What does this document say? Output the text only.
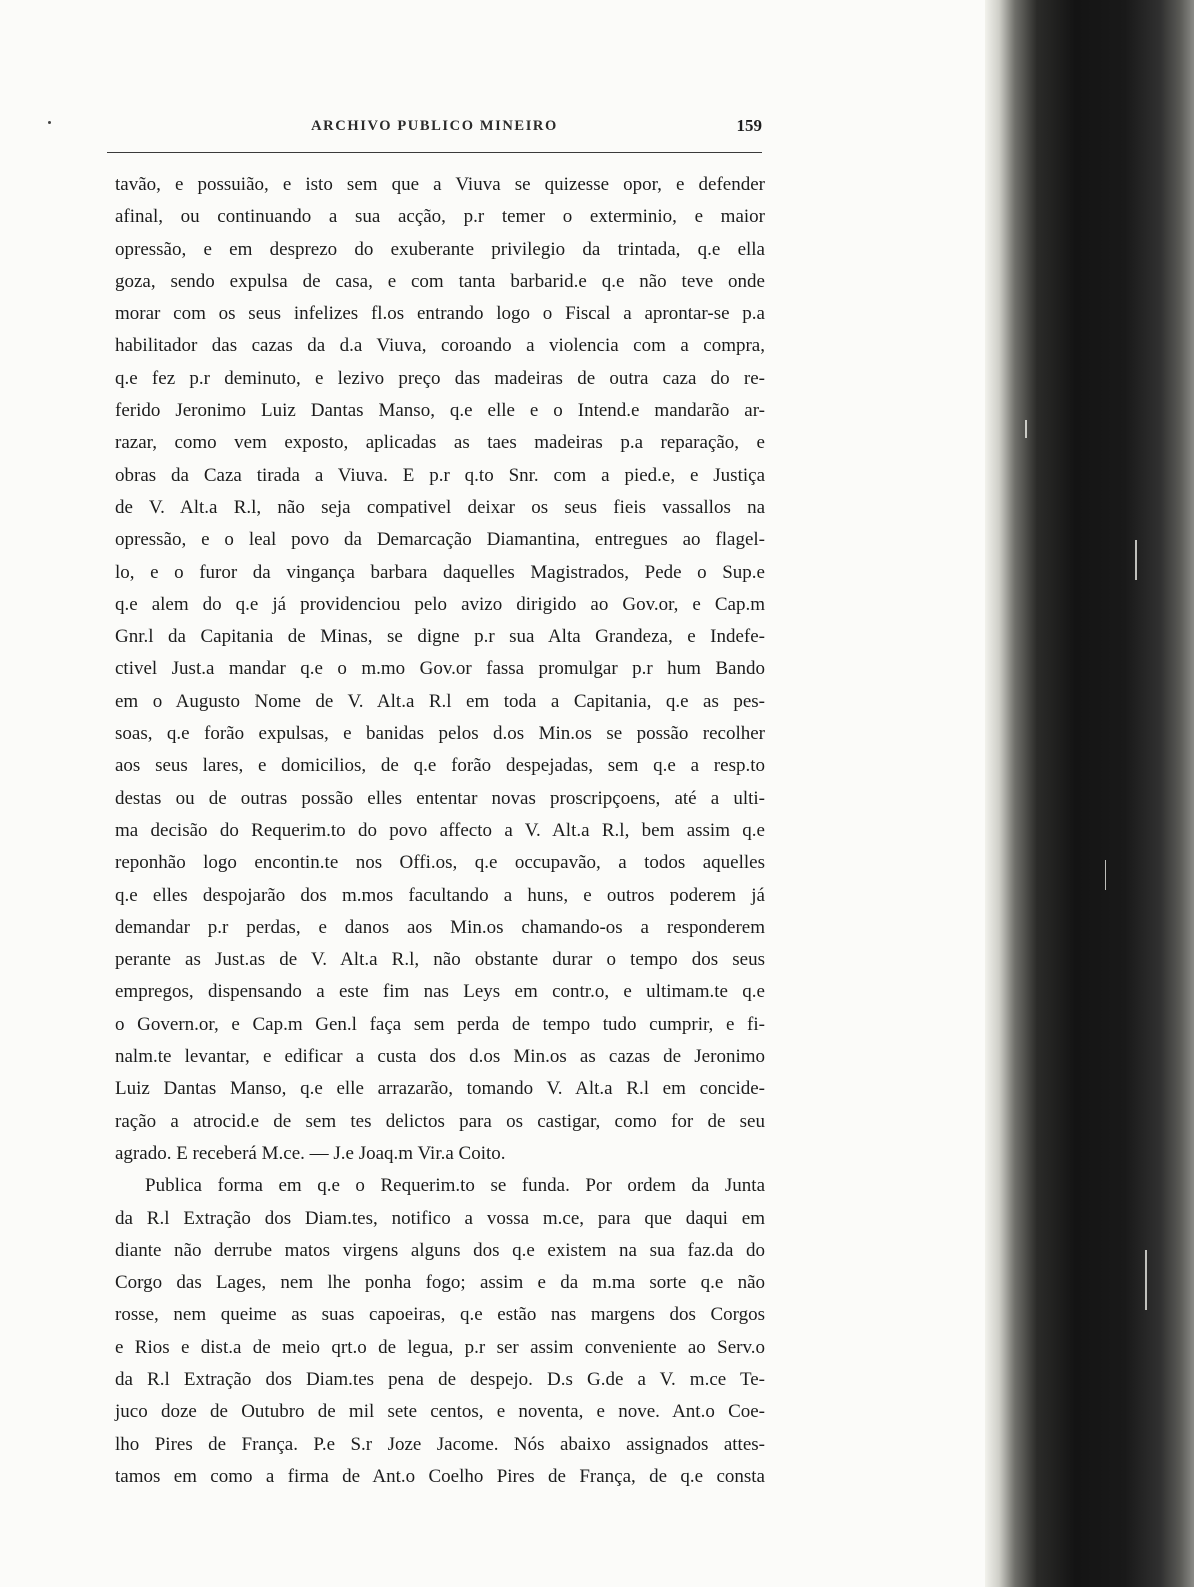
ARCHIVO PUBLICO MINEIRO	159
tavão, e possuião, e isto sem que a Viuva se quizesse opor, e defender
afinal, ou continuando a sua acção, p.r temer o exterminio, e maior
opressão, e em desprezo do exuberante privilegio da trintada, q.e ella
goza, sendo expulsa de casa, e com tanta barbarid.e q.e não teve onde
morar com os seus infelizes fl.os entrando logo o Fiscal a aprontar-se p.a
habilitador das cazas da d.a Viuva, coroando a violencia com a compra,
q.e fez p.r deminuto, e lezivo preço das madeiras de outra caza do re-
ferido Jeronimo Luiz Dantas Manso, q.e elle e o Intend.e mandarão ar-
razar, como vem exposto, aplicadas as taes madeiras p.a reparação, e
obras da Caza tirada a Viuva. E p.r q.to Snr. com a pied.e, e Justiça
de V. Alt.a R.l, não seja compativel deixar os seus fieis vassallos na
opressão, e o leal povo da Demarcação Diamantina, entregues ao flagel-
lo, e o furor da vingança barbara daquelles Magistrados, Pede o Sup.e
q.e alem do q.e já providenciou pelo avizo dirigido ao Gov.or, e Cap.m
Gnr.l da Capitania de Minas, se digne p.r sua Alta Grandeza, e Indefe-
ctivel Just.a mandar q.e o m.mo Gov.or fassa promulgar p.r hum Bando
em o Augusto Nome de V. Alt.a R.l em toda a Capitania, q.e as pes-
soas, q.e forão expulsas, e banidas pelos d.os Min.os se possão recolher
aos seus lares, e domicilios, de q.e forão despejadas, sem q.e a resp.to
destas ou de outras possão elles ententar novas proscripçoens, até a ulti-
ma decisão do Requerim.to do povo affecto a V. Alt.a R.l, bem assim q.e
reponhão logo encontin.te nos Offi.os, q.e occupavão, a todos aquelles
q.e elles despojarão dos m.mos facultando a huns, e outros poderem já
demandar p.r perdas, e danos aos Min.os chamando-os a responderem
perante as Just.as de V. Alt.a R.l, não obstante durar o tempo dos seus
empregos, dispensando a este fim nas Leys em contr.o, e ultimam.te q.e
o Govern.or, e Cap.m Gen.l faça sem perda de tempo tudo cumprir, e fi-
nalm.te levantar, e edificar a custa dos d.os Min.os as cazas de Jeronimo
Luiz Dantas Manso, q.e elle arrazarão, tomando V. Alt.a R.l em concide-
ração a atrocid.e de sem tes delictos para os castigar, como for de seu
agrado. E receberá M.ce. — J.e Joaq.m Vir.a Coito.
Publica forma em q.e o Requerim.to se funda. Por ordem da Junta
da R.l Extração dos Diam.tes, notifico a vossa m.ce, para que daqui em
diante não derrube matos virgens alguns dos q.e existem na sua faz.da do
Corgo das Lages, nem lhe ponha fogo; assim e da m.ma sorte q.e não
rosse, nem queime as suas capoeiras, q.e estão nas margens dos Corgos
e Rios e dist.a de meio qrt.o de legua, p.r ser assim conveniente ao Serv.o
da R.l Extração dos Diam.tes pena de despejo. D.s G.de a V. m.ce Te-
juco doze de Outubro de mil sete centos, e noventa, e nove. Ant.o Coe-
lho Pires de França. P.e S.r Joze Jacome. Nós abaixo assignados attes-
tamos em como a firma de Ant.o Coelho Pires de França, de q.e consta
